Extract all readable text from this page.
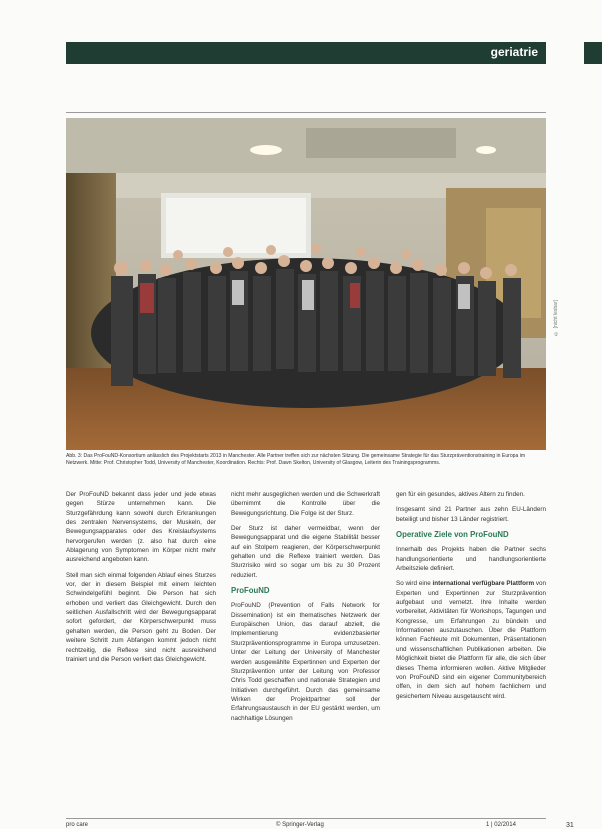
geriatrie
© [nicht lesbar]
Abb. 3: Das ProFouND-Konsortium anlässlich des Projektstarts 2013 in Manchester. Alle Partner treffen sich zur nächsten Sitzung. Die gemeinsame Strategie für das Sturzpräventionstraining in Europa im Netzwerk. Mitte: Prof. Christopher Todd, University of Manchester, Koordination. Rechts: Prof. Dawn Skelton, University of Glasgow, Leiterin des Trainingsprogramms.

Der ProFouND bekannt dass jeder und jede etwas gegen Stürze unternehmen kann. Die Sturzgefährdung kann sowohl durch Erkrankungen des zentralen Nervensystems, der Muskeln, der Bewegungsapparates oder des Kreislaufsystems hervorgerufen werden (z. also hat durch eine Ablagerung von Symptomen im Körper nicht mehr ausreichend angeboten kann.

Stell man sich einmal folgenden Ablauf eines Sturzes vor, der in diesem Beispiel mit einem leichten Schwindelgefühl beginnt. Die Person hat sich erhoben und verliert das Gleichgewicht. Durch den seitlichen Ausfallschritt wird der Bewegungsapparat sofort gefordert, der Körperschwerpunkt muss gehalten werden, die Person geht zu Boden. Der weitere Schritt zum Abfangen kommt jedoch nicht rechtzeitig, die Reflexe sind nicht ausreichend trainiert und die Person verliert das Gleichgewicht.

nicht mehr ausgeglichen werden und die Schwerkraft übernimmt die Kontrolle über die Bewegungsrichtung. Die Folge ist der Sturz.

Der Sturz ist daher vermeidbar, wenn der Bewegungsapparat und die eigene Stabilität besser auf ein Stolpern reagieren, der Körperschwerpunkt gehalten und die Reflexe trainiert werden. Das Sturzrisiko wird so sogar um bis zu 30 Prozent reduziert.

ProFouND

ProFouND (Prevention of Falls Network for Dissemination) ist ein thematisches Netzwerk der Europäischen Union, das darauf abzielt, die Implementierung evidenzbasierter Sturzpräventionsprogramme in Europa umzusetzen. Unter der Leitung der University of Manchester werden ausgewählte Expertinnen und Experten der Sturzprävention unter der Leitung von Professor Chris Todd geschaffen und nationale Strategien und Initiativen durchgeführt. Durch das gemeinsame Wirken der Projektpartner soll der Erfahrungsaustausch in der EU gestärkt werden, um nachhaltige Lösungen

gen für ein gesundes, aktives Altern zu finden.

Insgesamt sind 21 Partner aus zehn EU-Ländern beteiligt und bisher 13 Länder registriert.

Operative Ziele von ProFouND

Innerhalb des Projekts haben die Partner sechs handlungsorientierte und handlungsorientierte Arbeitsziele definiert.

So wird eine international verfügbare Plattform von Experten und Expertinnen zur Sturzprävention aufgebaut und vernetzt. Ihre Inhalte werden vorbereitet, Aktivitäten für Workshops, Tagungen und Kongresse, um Erfahrungen zu bündeln und Informationen auszutauschen. Über die Plattform können Fachleute mit Dokumenten, Präsentationen und wissenschaftlichen Publikationen arbeiten. Die Möglichkeit bietet die Plattform für alle, die sich über dieses Thema informieren wollen. Aktive Mitglieder von ProFouND sind ein eigener Communitybereich offen, in dem sich auf hohem fachlichem und gesichertem Niveau ausgetauscht wird.

pro care	© Springer-Verlag	1 | 02/2014	31
